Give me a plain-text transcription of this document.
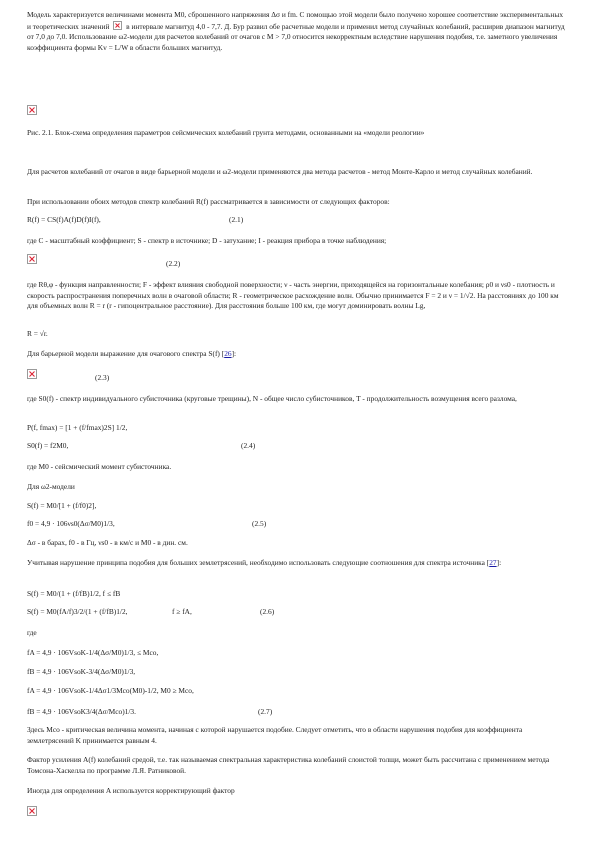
Модель характеризуется величинами момента M0, сброшенного напряжения Δσ и fm. С помощью этой модели было получено хорошее соответствие экспериментальных и теоретических значений
в интервале магнитуд 4,0 - 7,7. Д. Бур развил обе расчетные модели и применил метод случайных колебаний, расширив диапазон магнитуд от 7,0 до 7,0. Использование ω2-модели для расчетов колебаний от очагов с M > 7,0 относится некорректным вследствие нарушения подобия, т.е. заметного увеличения коэффициента формы Kv = L/W в области больших магнитуд.
Рис. 2.1. Блок-схема определения параметров сейсмических колебаний грунта методами, основанными на «модели реологии»
Для расчетов колебаний от очагов в виде барьерной модели и ω2-модели применяются два метода расчетов - метод Монте-Карло и метод случайных колебаний.
При использовании обоих методов спектр колебаний R(f) рассматривается в зависимости от следующих факторов:
R(f) = CS(f)A(f)D(f)I(f),	(2.1)
где C - масштабный коэффициент; S - спектр в источнике; D - затухание; I - реакция прибора в точке наблюдения;
(2.2)
где Rθ,φ - функция направленности; F - эффект влияния свободной поверхности; ν - часть энергии, приходящейся на горизонтальные колебания; ρ0 и νs0 - плотность и скорость распространения поперечных волн в очаговой области; R - геометрическое расхождение волн. Обычно принимается F = 2 и ν = 1/√2. На расстояниях до 100 км для объемных волн R = r (r - гипоцентральное расстояние). Для расстояния больше 100 км, где могут доминировать волны Lg,
R = √r.
Для барьерной модели выражение для очагового спектра S(f) [26]:
(2.3)
где S0(f) - спектр индивидуального субисточника (круговые трещины), N - общее число субисточников, T - продолжительность возмущения всего разлома,
P(f, fmax) = [1 + (f/fmax)2S] 1/2,
S0(f) = f2M0,	(2.4)
где M0 - сейсмический момент субисточника.
Для ω2-модели
S(f) = M0/[1 + (f/f0)2],
f0 = 4,9 · 106νs0(Δσ/M0)1/3,	(2.5)
Δσ - в барах, f0 - в Гц, νs0 - в км/с и M0 - в дин. см.
Учитывая нарушение принципа подобия для больших землетрясений, необходимо использовать следующие соотношения для спектра источника [27]:
S(f) = M0/(1 + (f/fB)1/2, f ≤ fB
S(f) = M0(fA/f)3/2/(1 + (f/fB)1/2,	f ≥ fA,	(2.6)
где
fA = 4,9 · 106VsoK-1/4(Δσ/M0)1/3, ≤ Mco,
fB = 4,9 · 106VsoK-3/4(Δσ/M0)1/3,
fA = 4,9 · 106VsoK-1/4Δσ1/3Mco(M0)-1/2, M0 ≥ Mco,
fB = 4,9 · 106VsoK3/4(Δσ/Mco)1/3.	(2.7)
Здесь Mco - критическая величина момента, начиная с которой нарушается подобие. Следует отметить, что в области нарушения подобия для коэффициента землетрясений K принимается равным 4.
Фактор усиления A(f) колебаний средой, т.е. так называемая спектральная характеристика колебаний слоистой толщи, может быть рассчитана с применением метода Томсона-Хаскелла по программе Л.Я. Ратниковой.
Иногда для определения A используется корректирующий фактор
